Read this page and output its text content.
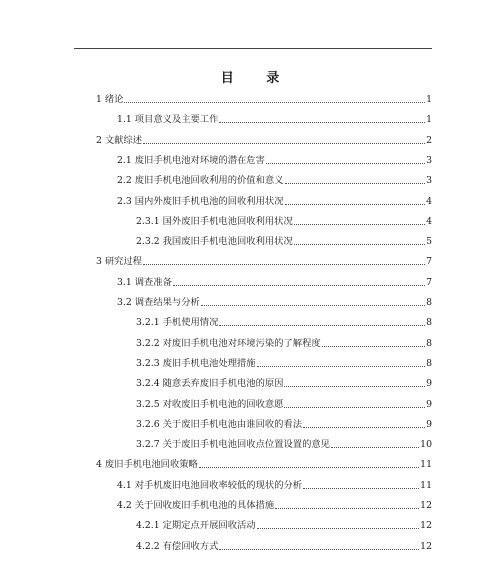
目 录
1 绪论	1
1.1 项目意义及主要工作	1
2 文献综述	2
2.1 废旧手机电池对环境的潜在危害	3
2.2 废旧手机电池回收利用的价值和意义	3
2.3 国内外废旧手机电池的回收利用状况	4
2.3.1 国外废旧手机电池回收利用状况	4
2.3.2 我国废旧手机电池回收利用状况	5
3 研究过程	7
3.1 调查准备	7
3.2 调查结果与分析	8
3.2.1 手机使用情况	8
3.2.2 对废旧手机电池对环境污染的了解程度	8
3.2.3 废旧手机电池处理措施	8
3.2.4 随意丢弃废旧手机电池的原因	9
3.2.5 对收废旧手机电池的回收意愿	9
3.2.6 关于废旧手机电池由谁回收的看法	9
3.2.7 关于废旧手机电池回收点位置设置的意见	10
4 废旧手机电池回收策略	11
4.1 对手机废旧电池回收率较低的现状的分析	11
4.2 关于回收废旧手机电池的具体措施	12
4.2.1 定期定点开展回收活动	12
4.2.2 有偿回收方式	12
